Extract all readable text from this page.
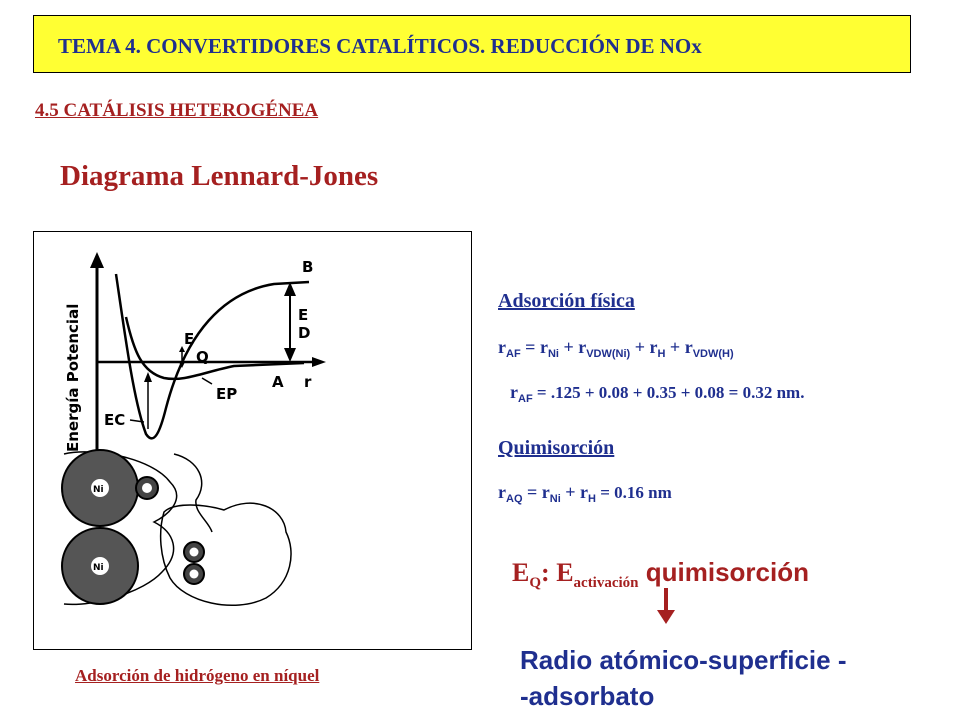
TEMA 4. CONVERTIDORES CATALÍTICOS. REDUCCIÓN DE NOx
4.5 CATÁLISIS HETEROGÉNEA
Diagrama Lennard-Jones
Energía Potencial
B
E
D
A r
E
Q
EP
EC
Ni
Ni
Adsorción de hidrógeno en níquel
Adsorción física
$r_{AF} = r_{Ni} + r_{VDW(Ni)} + r_H + r_{VDW(H)}$
$r_{AF} = .125 + 0.08 + 0.35 + 0.08 = 0.32$ nm.
Quimisorción
$r_{AQ} = r_{Ni} + r_H = 0.16$ nm
$E_Q$: $E_{activación}$ quimisorción
Radio atómico-superficie -
-adsorbato
